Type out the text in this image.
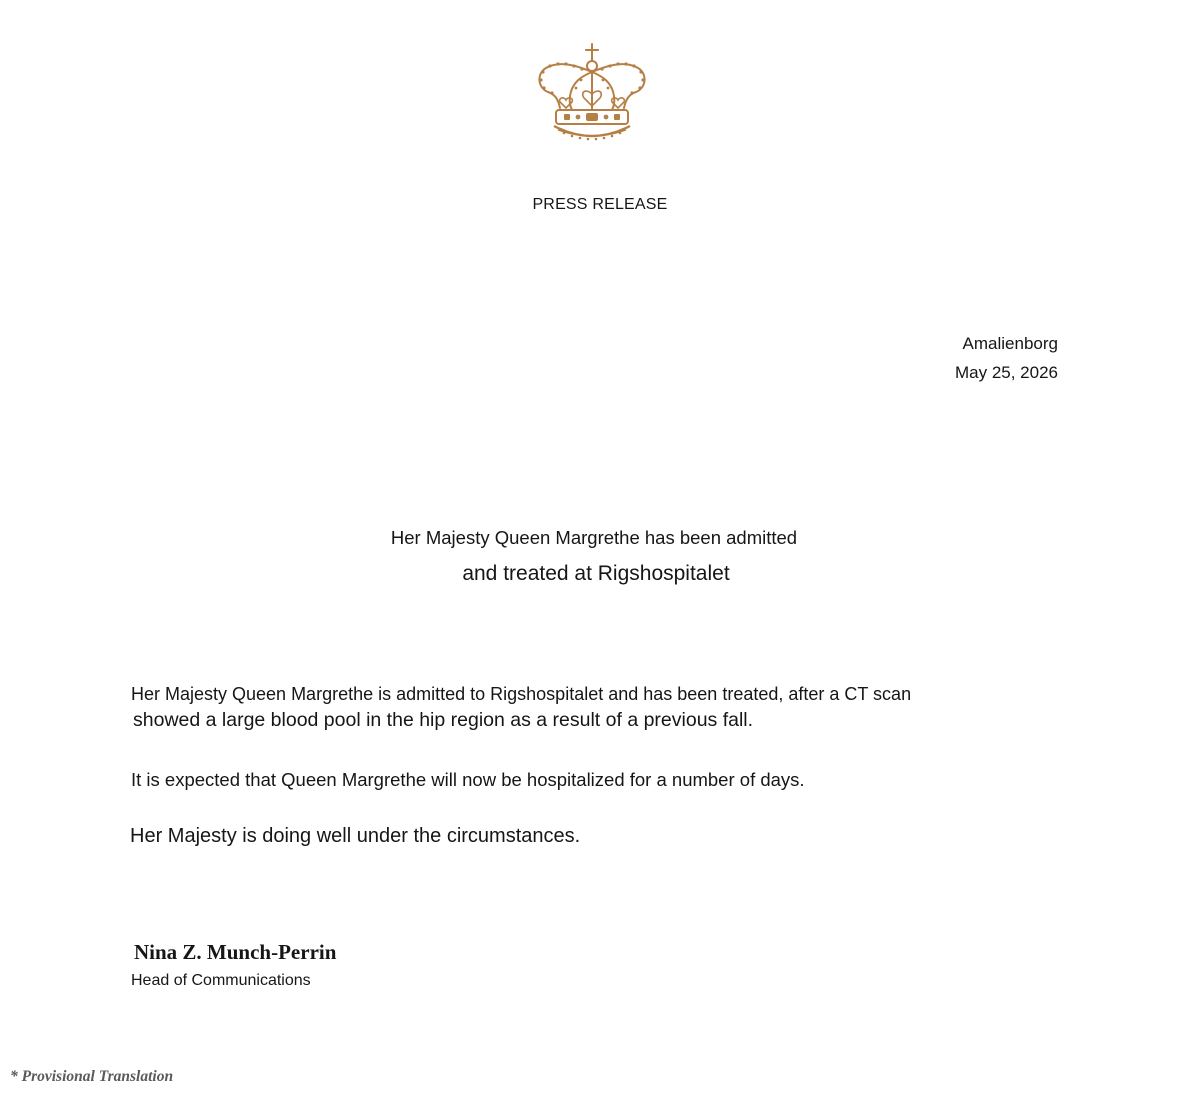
PRESS RELEASE
Amalienborg
May 25, 2026
Her Majesty Queen Margrethe has been admitted
and treated at Rigshospitalet

Her Majesty Queen Margrethe is admitted to Rigshospitalet and has been treated, after a CT scan

showed a large blood pool in the hip region as a result of a previous fall.

It is expected that Queen Margrethe will now be hospitalized for a number of days.

Her Majesty is doing well under the circumstances.

Nina Z. Munch-Perrin
Head of Communications
* Provisional Translation
